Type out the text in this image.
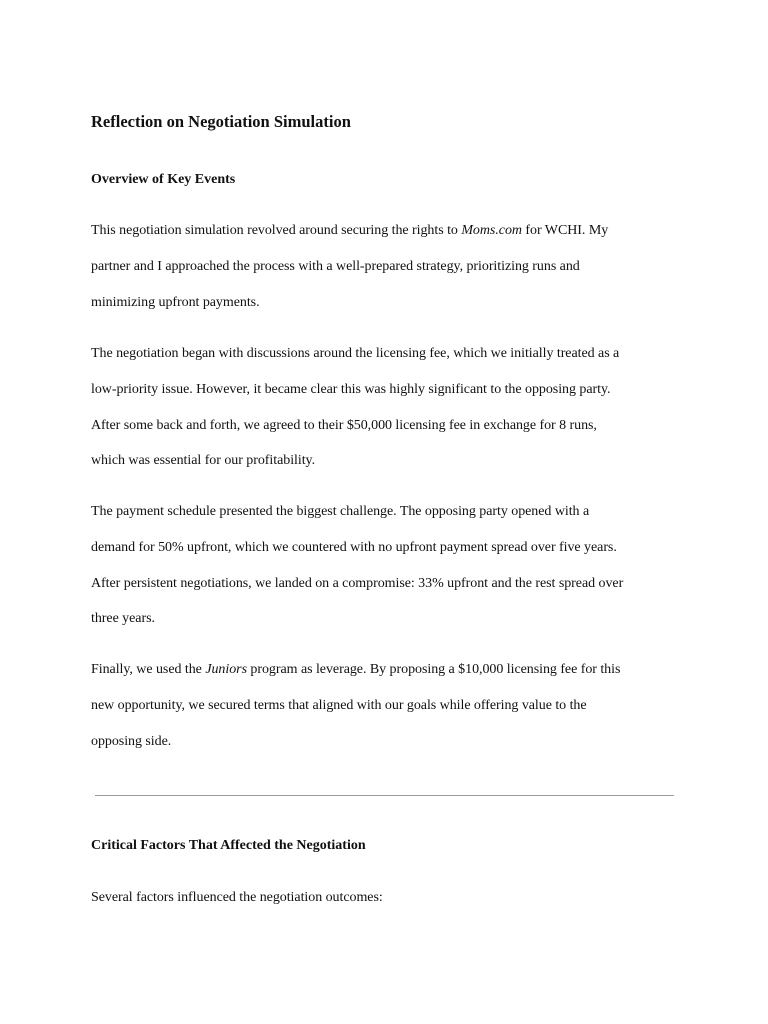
Reflection on Negotiation Simulation
Overview of Key Events

This negotiation simulation revolved around securing the rights to Moms.com for WCHI. My
partner and I approached the process with a well-prepared strategy, prioritizing runs and
minimizing upfront payments.

The negotiation began with discussions around the licensing fee, which we initially treated as a
low-priority issue. However, it became clear this was highly significant to the opposing party.
After some back and forth, we agreed to their $50,000 licensing fee in exchange for 8 runs,
which was essential for our profitability.

The payment schedule presented the biggest challenge. The opposing party opened with a
demand for 50% upfront, which we countered with no upfront payment spread over five years.
After persistent negotiations, we landed on a compromise: 33% upfront and the rest spread over
three years.

Finally, we used the Juniors program as leverage. By proposing a $10,000 licensing fee for this
new opportunity, we secured terms that aligned with our goals while offering value to the
opposing side.

Critical Factors That Affected the Negotiation

Several factors influenced the negotiation outcomes:
